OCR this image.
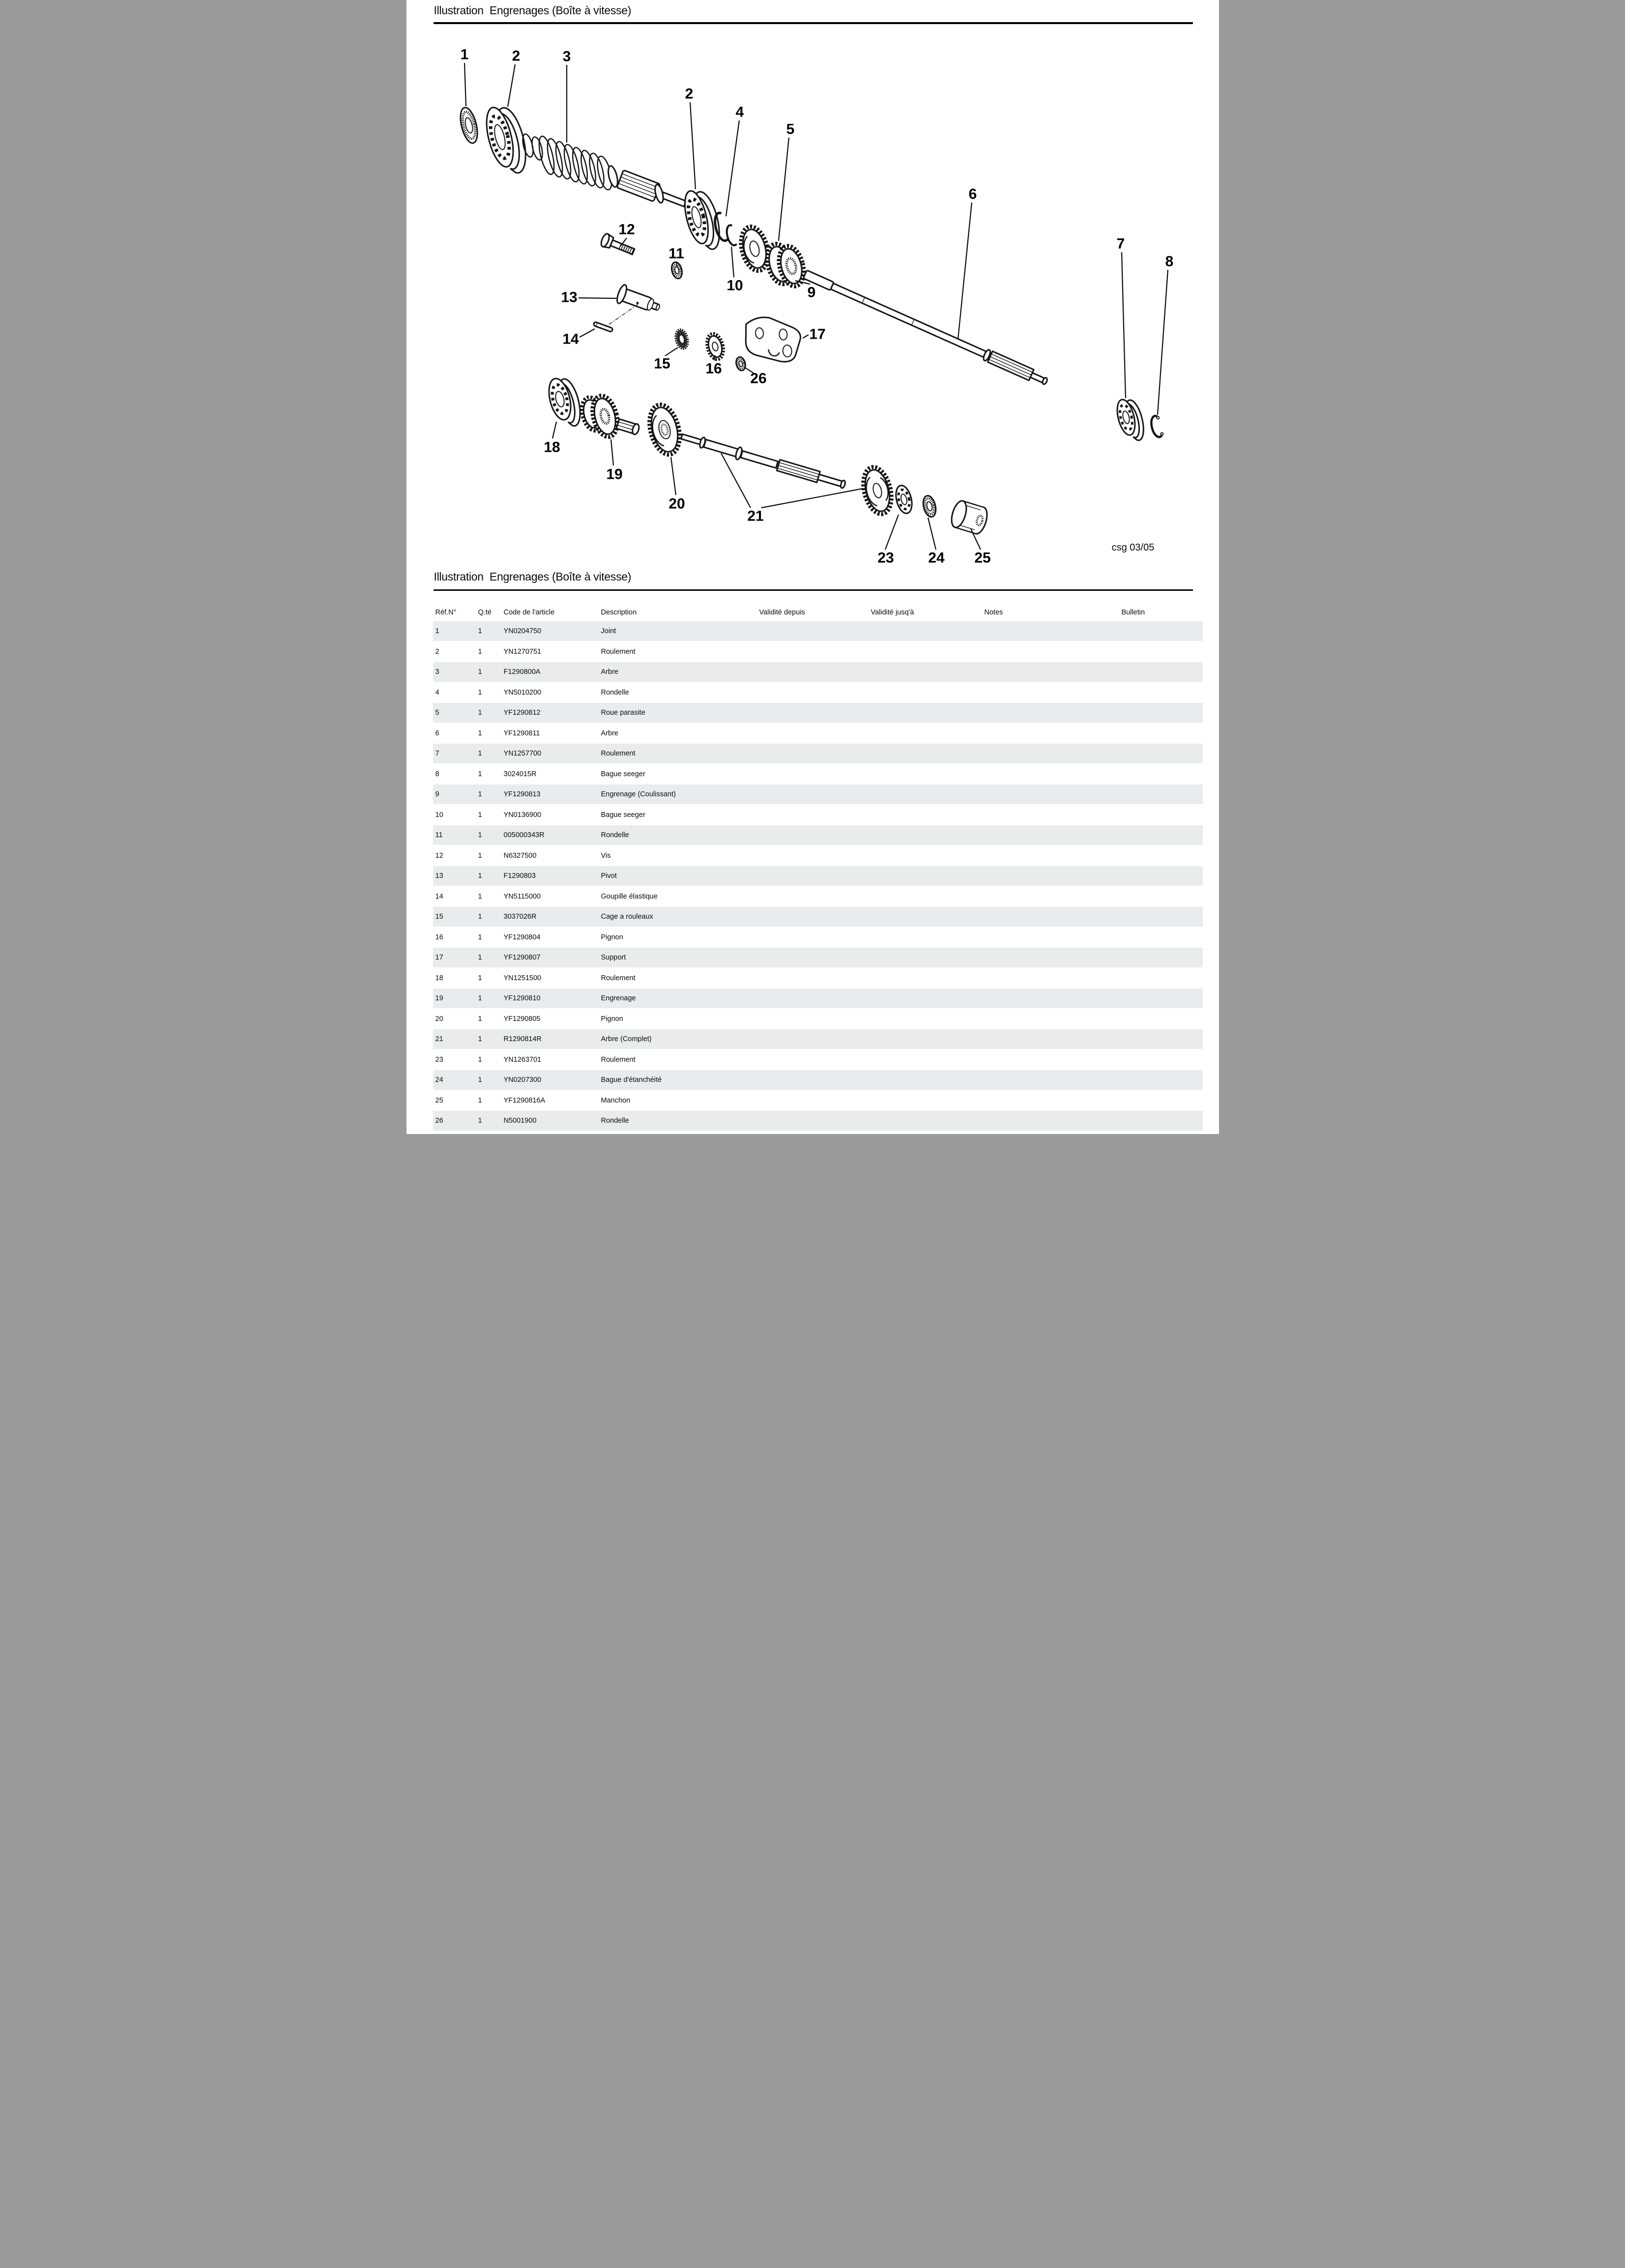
Illustration  Engrenages (Boîte à vitesse)
1	2	3
2
4
5
6
7
8
9
10
11
12
13
14
15 16
17
18
19
20
21
23 24 25
26
csg 03/05
Illustration  Engrenages (Boîte à vitesse)
Réf.N°	Q.té Code de l'article	Description	Validité depuis	Validité jusq'à	Notes	Bulletin
1	1	YN0204750	Joint
2	1	YN1270751	Roulement
3	1	F1290800A	Arbre
4	1	YN5010200	Rondelle
5	1	YF1290812	Roue parasite
6	1	YF1290811	Arbre
7	1	YN1257700	Roulement
8	1	3024015R	Bague seeger
9	1	YF1290813	Engrenage (Coulissant)
10	1	YN0136900	Bague seeger
11	1	005000343R	Rondelle
12	1	N6327500	Vis
13	1	F1290803	Pivot
14	1	YN5115000	Goupille élastique
15	1	3037026R	Cage a rouleaux
16	1	YF1290804	Pignon
17	1	YF1290807	Support
18	1	YN1251500	Roulement
19	1	YF1290810	Engrenage
20	1	YF1290805	Pignon
21	1	R1290814R	Arbre (Complet)
23	1	YN1263701	Roulement
24	1	YN0207300	Bague d'étanchéité
25	1	YF1290816A	Manchon
26	1	N5001900	Rondelle
